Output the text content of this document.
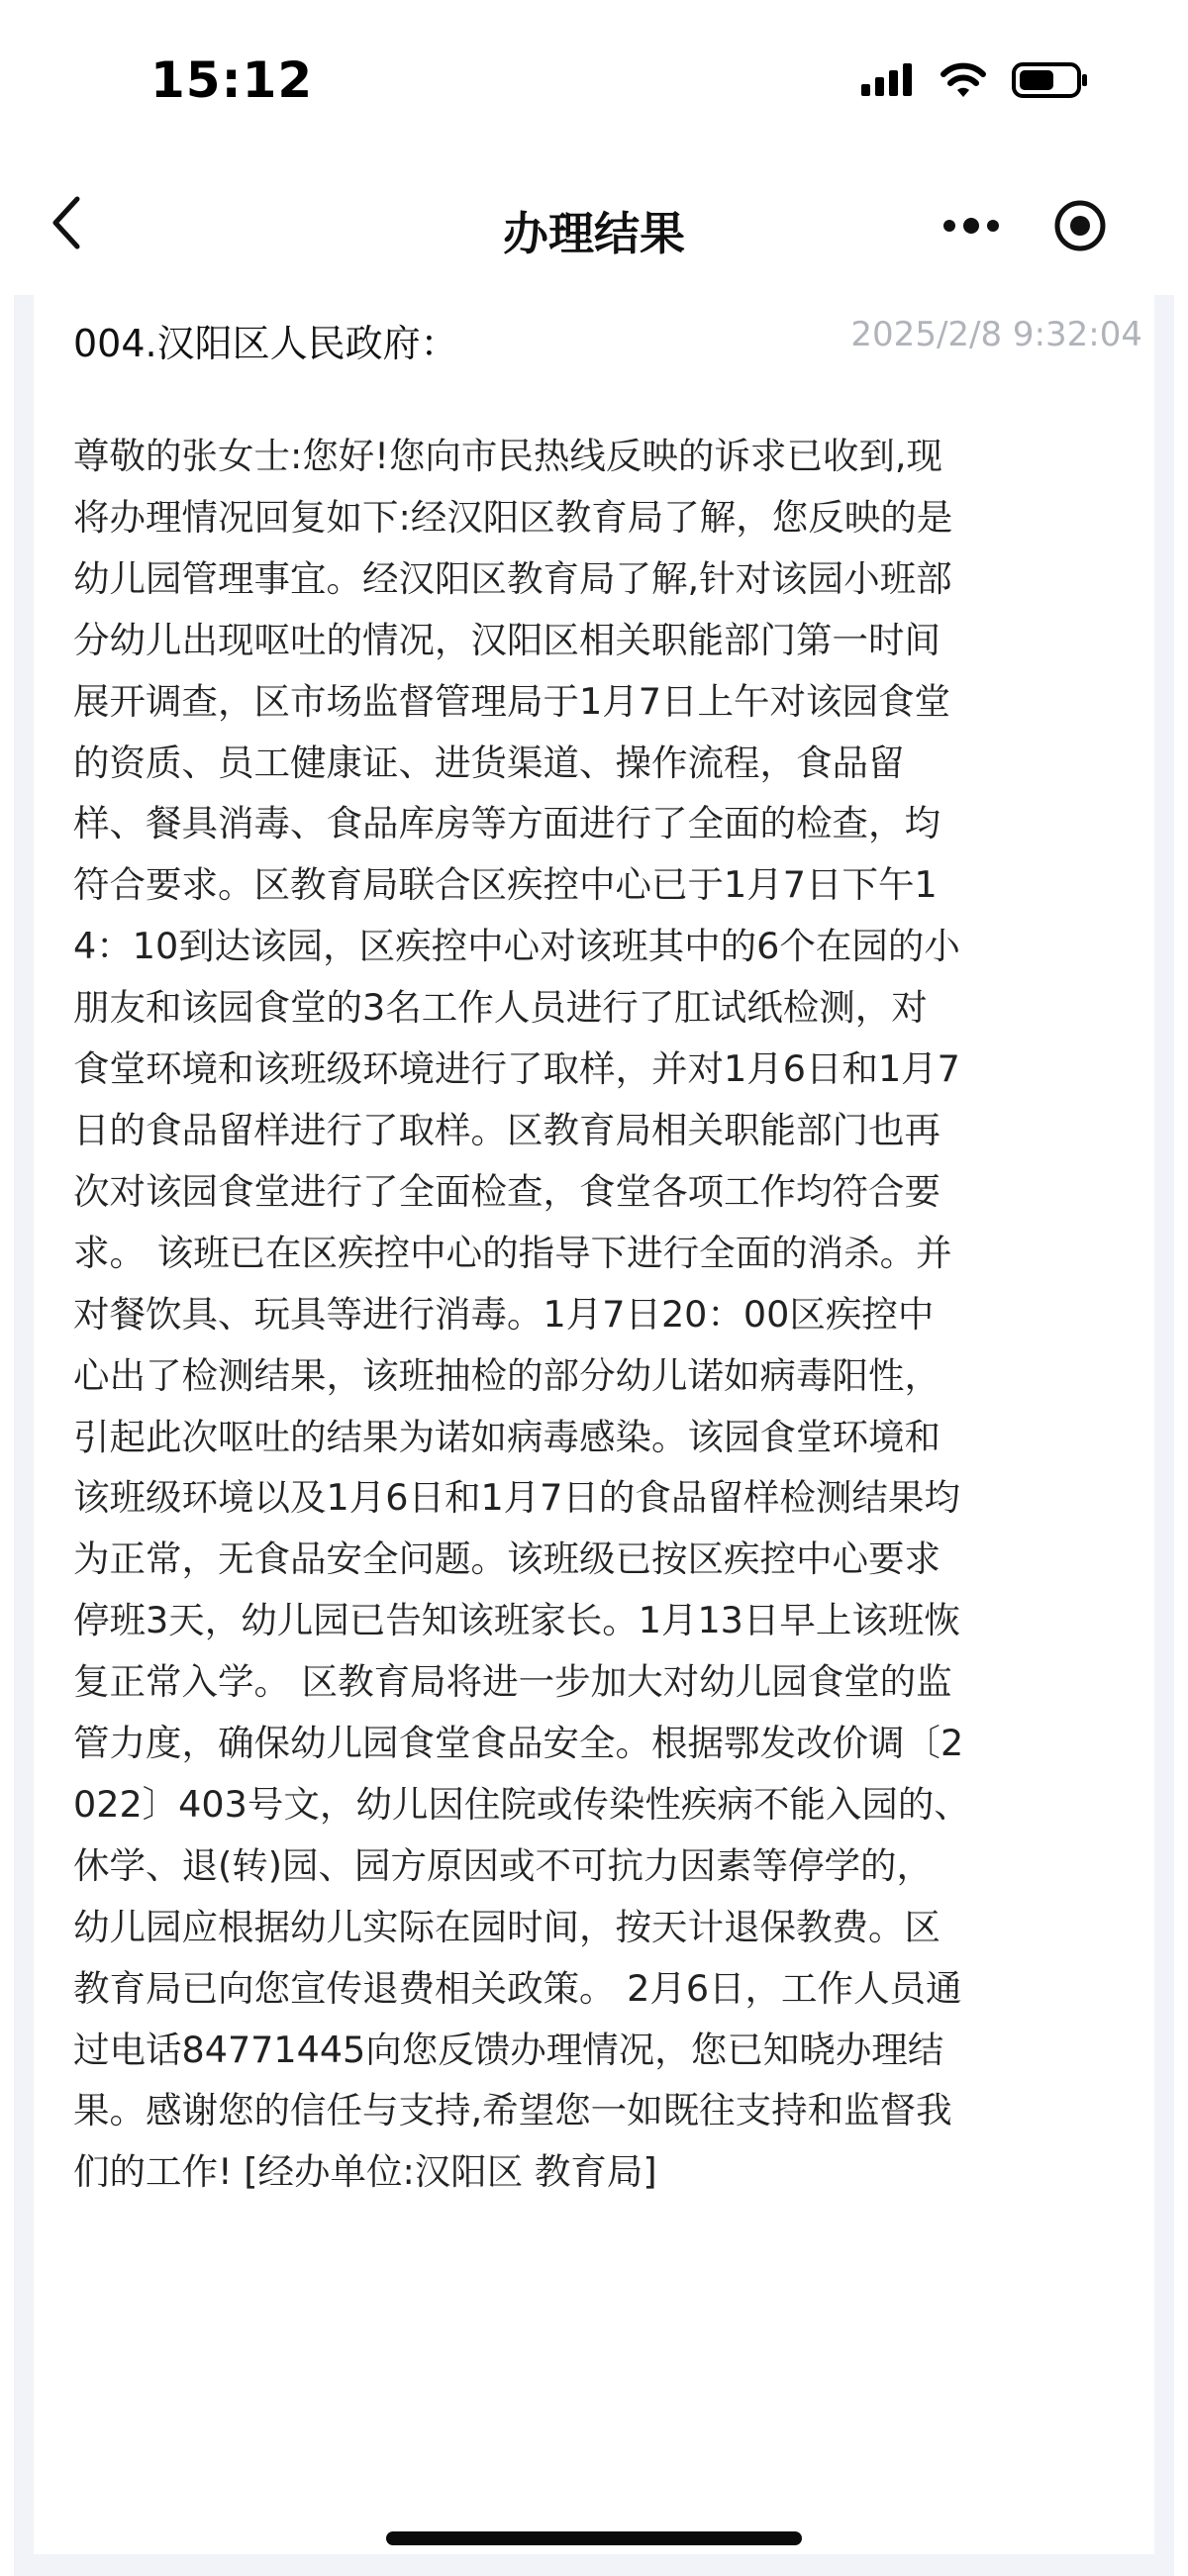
15:12
办理结果
004.汉阳区人民政府：	2025/2/8 9:32:04
尊敬的张女士:您好!您向市民热线反映的诉求已收到,现
将办理情况回复如下:经汉阳区教育局了解，您反映的是
幼儿园管理事宜。经汉阳区教育局了解,针对该园小班部
分幼儿出现呕吐的情况，汉阳区相关职能部门第一时间
展开调查，区市场监督管理局于1月7日上午对该园食堂
的资质、员工健康证、进货渠道、操作流程，食品留
样、餐具消毒、食品库房等方面进行了全面的检查，均
符合要求。区教育局联合区疾控中心已于1月7日下午1
4：10到达该园，区疾控中心对该班其中的6个在园的小
朋友和该园食堂的3名工作人员进行了肛试纸检测，对
食堂环境和该班级环境进行了取样，并对1月6日和1月7
日的食品留样进行了取样。区教育局相关职能部门也再
次对该园食堂进行了全面检查，食堂各项工作均符合要
求。 该班已在区疾控中心的指导下进行全面的消杀。并
对餐饮具、玩具等进行消毒。1月7日20：00区疾控中
心出了检测结果，该班抽检的部分幼儿诺如病毒阳性，
引起此次呕吐的结果为诺如病毒感染。该园食堂环境和
该班级环境以及1月6日和1月7日的食品留样检测结果均
为正常，无食品安全问题。该班级已按区疾控中心要求
停班3天，幼儿园已告知该班家长。1月13日早上该班恢
复正常入学。 区教育局将进一步加大对幼儿园食堂的监
管力度，确保幼儿园食堂食品安全。根据鄂发改价调〔2
022〕403号文，幼儿因住院或传染性疾病不能入园的、
休学、退(转)园、园方原因或不可抗力因素等停学的，
幼儿园应根据幼儿实际在园时间，按天计退保教费。区
教育局已向您宣传退费相关政策。 2月6日，工作人员通
过电话84771445向您反馈办理情况，您已知晓办理结
果。感谢您的信任与支持,希望您一如既往支持和监督我
们的工作! [经办单位:汉阳区 教育局]
